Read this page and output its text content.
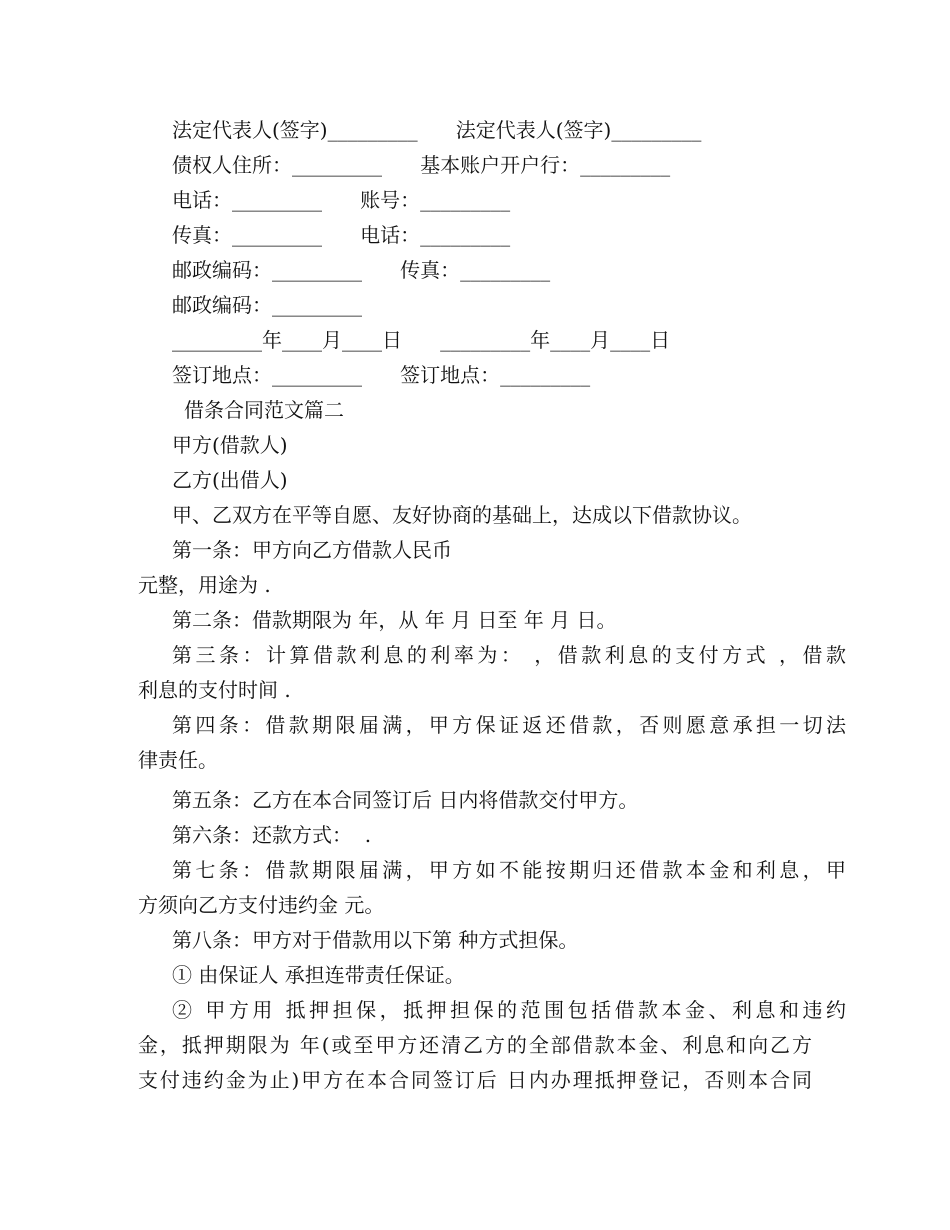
法定代表人(签字)_________      法定代表人(签字)_________
债权人住所：_________      基本账户开户行：_________
电话：_________      账号：_________
传真：_________      电话：_________
邮政编码：_________      传真：_________
邮政编码：_________
_________年____月____日      _________年____月____日
签订地点：_________      签订地点：_________
借条合同范文篇二
甲方(借款人)
乙方(出借人)
甲、乙双方在平等自愿、友好协商的基础上，达成以下借款协议。
第一条：甲方向乙方借款人民币
元整，用途为 .
第二条：借款期限为 年，从 年 月 日至 年 月 日。
第三条：计算借款利息的利率为： ，借款利息的支付方式 ，借款
利息的支付时间 .
第四条：借款期限届满，甲方保证返还借款，否则愿意承担一切法
律责任。
第五条：乙方在本合同签订后 日内将借款交付甲方。
第六条：还款方式：  .
第七条：借款期限届满，甲方如不能按期归还借款本金和利息，甲
方须向乙方支付违约金 元。
第八条：甲方对于借款用以下第 种方式担保。
① 由保证人 承担连带责任保证。
② 甲方用 抵押担保，抵押担保的范围包括借款本金、利息和违约
金，抵押期限为 年(或至甲方还清乙方的全部借款本金、利息和向乙方
支付违约金为止)甲方在本合同签订后 日内办理抵押登记，否则本合同
